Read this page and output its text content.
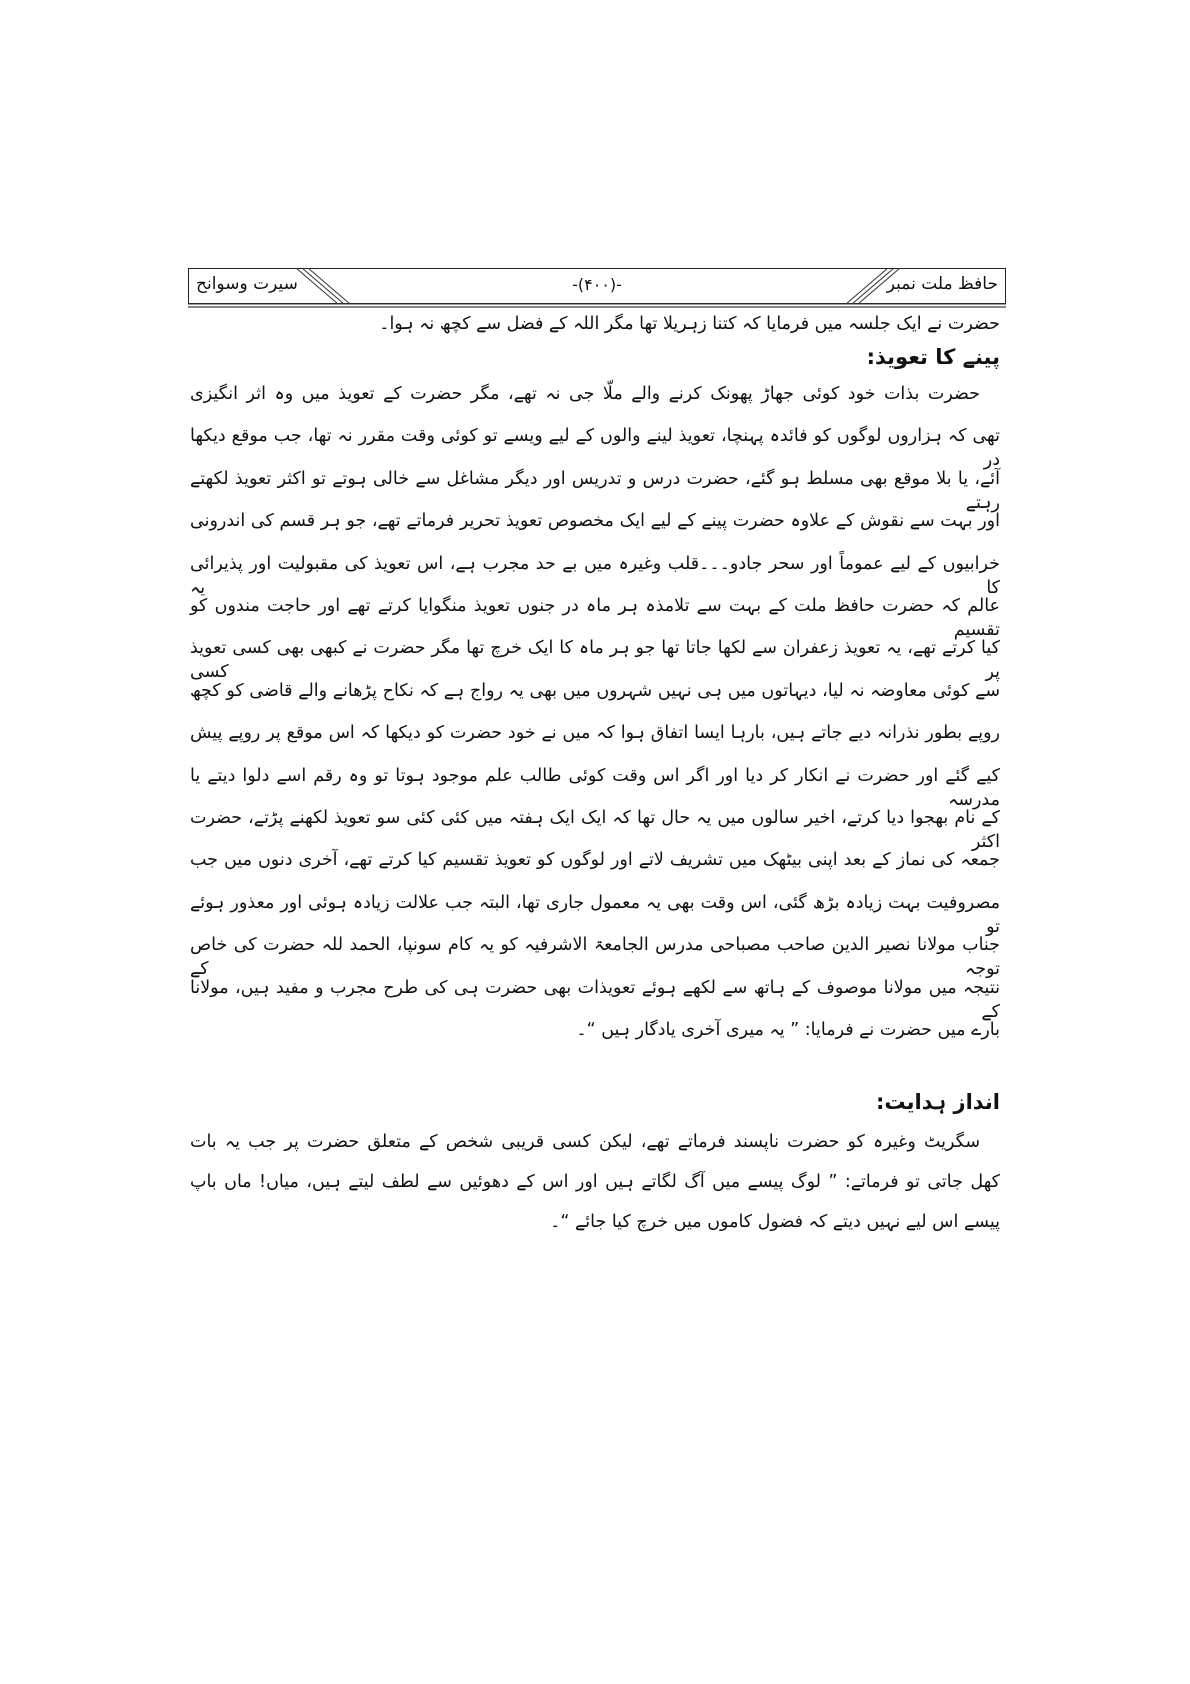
حافظ ملت نمبر
-(۴۰۰)-
سیرت وسوانح
حضرت نے ایک جلسہ میں فرمایا کہ کتنا زہریلا تھا مگر اللہ کے فضل سے کچھ نہ ہوا۔
پینے کا تعویذ:
حضرت بذات خود کوئی جھاڑ پھونک کرنے والے ملّا جی نہ تھے، مگر حضرت کے تعویذ میں وہ اثر انگیزی
تھی کہ ہزاروں لوگوں کو فائدہ پہنچا، تعویذ لینے والوں کے لیے ویسے تو کوئی وقت مقرر نہ تھا، جب موقع دیکھا در
آئے، یا بلا موقع بھی مسلط ہو گئے، حضرت درس و تدریس اور دیگر مشاغل سے خالی ہوتے تو اکثر تعویذ لکھتے رہتے
اور بہت سے نقوش کے علاوہ حضرت پینے کے لیے ایک مخصوص تعویذ تحریر فرماتے تھے، جو ہر قسم کی اندرونی
خرابیوں کے لیے عموماً اور سحر جادو۔۔۔قلب وغیرہ میں بے حد مجرب ہے، اس تعویذ کی مقبولیت اور پذیرائی کا یہ
عالم کہ حضرت حافظ ملت کے بہت سے تلامذہ ہر ماہ در جنوں تعویذ منگوایا کرتے تھے اور حاجت مندوں کو تقسیم
کیا کرتے تھے، یہ تعویذ زعفران سے لکھا جاتا تھا جو ہر ماہ کا ایک خرچ تھا مگر حضرت نے کبھی بھی کسی تعویذ پر کسی
سے کوئی معاوضہ نہ لیا، دیہاتوں میں ہی نہیں شہروں میں بھی یہ رواج ہے کہ نکاح پڑھانے والے قاضی کو کچھ
روپے بطور نذرانہ دیے جاتے ہیں، بارہا ایسا اتفاق ہوا کہ میں نے خود حضرت کو دیکھا کہ اس موقع پر روپے پیش
کیے گئے اور حضرت نے انکار کر دیا اور اگر اس وقت کوئی طالب علم موجود ہوتا تو وہ رقم اسے دلوا دیتے یا مدرسہ
کے نام بھجوا دیا کرتے، اخیر سالوں میں یہ حال تھا کہ ایک ایک ہفتہ میں کئی کئی سو تعویذ لکھنے پڑتے، حضرت اکثر
جمعہ کی نماز کے بعد اپنی بیٹھک میں تشریف لاتے اور لوگوں کو تعویذ تقسیم کیا کرتے تھے، آخری دنوں میں جب
مصروفیت بہت زیادہ بڑھ گئی، اس وقت بھی یہ معمول جاری تھا، البتہ جب علالت زیادہ ہوئی اور معذور ہوئے تو
جناب مولانا نصیر الدین صاحب مصباحی مدرس الجامعۃ الاشرفیہ کو یہ کام سونپا، الحمد للہ حضرت کی خاص توجہ کے
نتیجہ میں مولانا موصوف کے ہاتھ سے لکھے ہوئے تعویذات بھی حضرت ہی کی طرح مجرب و مفید ہیں، مولانا کے
بارے میں حضرت نے فرمایا: ” یہ میری آخری یادگار ہیں “۔
انداز ہدایت:
سگریٹ وغیرہ کو حضرت ناپسند فرماتے تھے، لیکن کسی قریبی شخص کے متعلق حضرت پر جب یہ بات
کھل جاتی تو فرماتے: ” لوگ پیسے میں آگ لگاتے ہیں اور اس کے دھوئیں سے لطف لیتے ہیں، میاں! ماں باپ
پیسے اس لیے نہیں دیتے کہ فضول کاموں میں خرچ کیا جائے “۔
